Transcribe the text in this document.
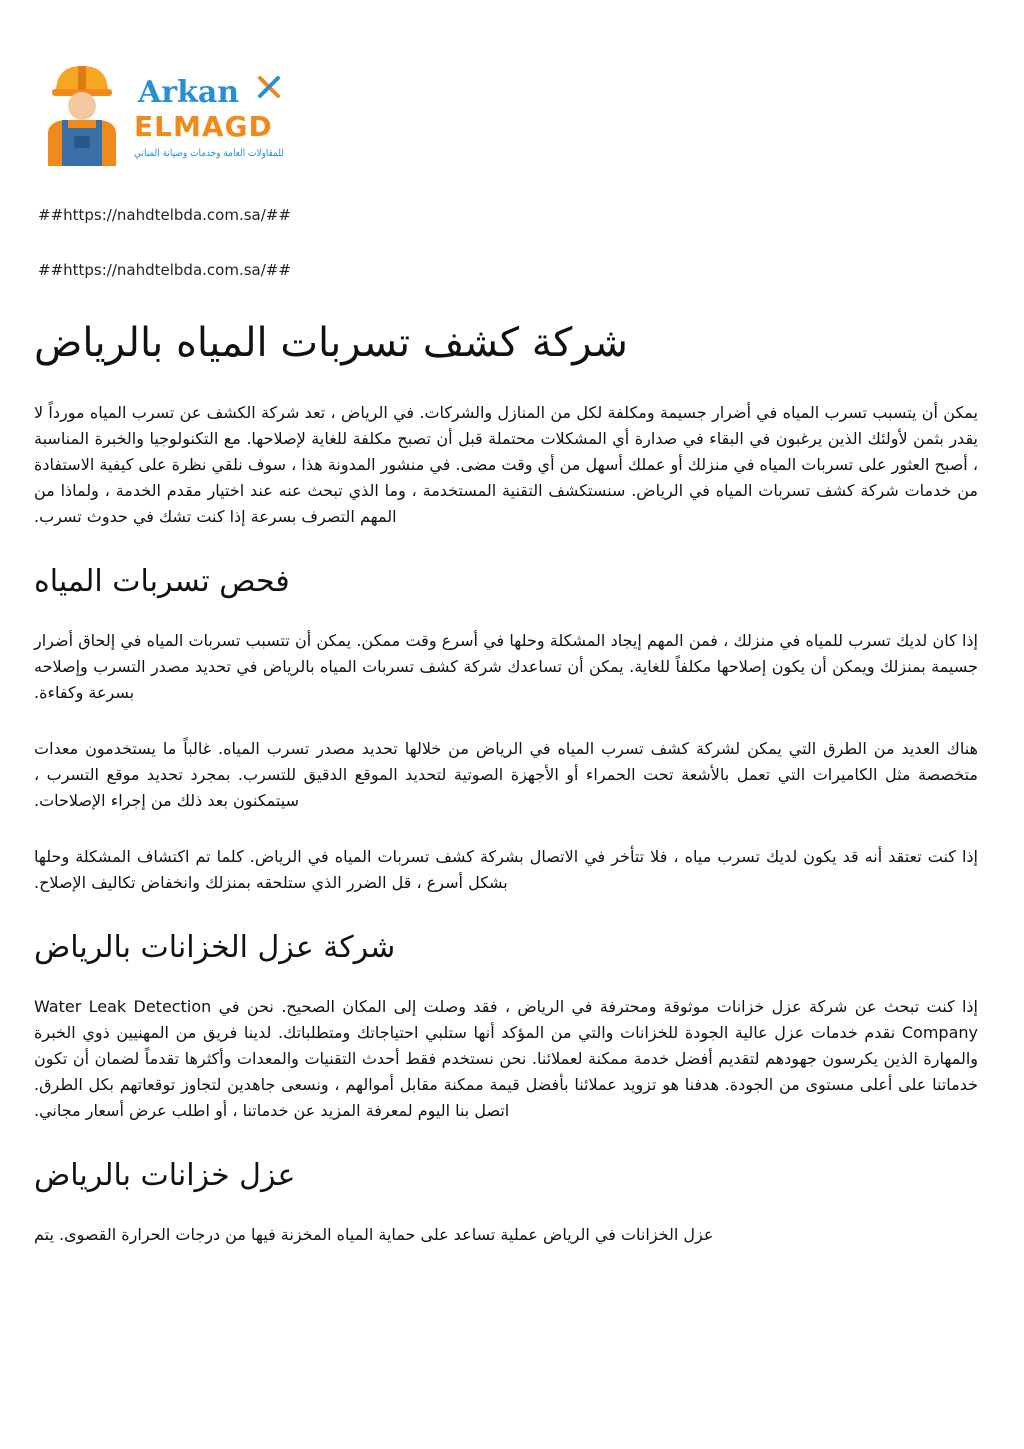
Arkan
ELMAGD
للمقاولات العامة وخدمات وصيانة المباني
##https://nahdtelbda.com.sa/##
##https://nahdtelbda.com.sa/##
شركة كشف تسربات المياه بالرياض

يمكن أن يتسبب تسرب المياه في أضرار جسيمة ومكلفة لكل من المنازل والشركات. في الرياض ، تعد شركة الكشف عن تسرب المياه مورداً لا يقدر بثمن لأولئك الذين يرغبون في البقاء في صدارة أي المشكلات محتملة قبل أن تصبح مكلفة للغاية لإصلاحها. مع التكنولوجيا والخبرة المناسبة ، أصبح العثور على تسربات المياه في منزلك أو عملك أسهل من أي وقت مضى. في منشور المدونة هذا ، سوف نلقي نظرة على كيفية الاستفادة من خدمات شركة كشف تسربات المياه في الرياض. سنستكشف التقنية المستخدمة ، وما الذي تبحث عنه عند اختيار مقدم الخدمة ، ولماذا من المهم التصرف بسرعة إذا كنت تشك في حدوث تسرب.

فحص تسربات المياه

إذا كان لديك تسرب للمياه في منزلك ، فمن المهم إيجاد المشكلة وحلها في أسرع وقت ممكن. يمكن أن تتسبب تسربات المياه في إلحاق أضرار جسيمة بمنزلك ويمكن أن يكون إصلاحها مكلفاً للغاية. يمكن أن تساعدك شركة كشف تسربات المياه بالرياض في تحديد مصدر التسرب وإصلاحه بسرعة وكفاءة.

هناك العديد من الطرق التي يمكن لشركة كشف تسرب المياه في الرياض من خلالها تحديد مصدر تسرب المياه. غالباً ما يستخدمون معدات متخصصة مثل الكاميرات التي تعمل بالأشعة تحت الحمراء أو الأجهزة الصوتية لتحديد الموقع الدقيق للتسرب. بمجرد تحديد موقع التسرب ، سيتمكنون بعد ذلك من إجراء الإصلاحات.

إذا كنت تعتقد أنه قد يكون لديك تسرب مياه ، فلا تتأخر في الاتصال بشركة كشف تسربات المياه في الرياض. كلما تم اكتشاف المشكلة وحلها بشكل أسرع ، قل الضرر الذي ستلحقه بمنزلك وانخفاض تكاليف الإصلاح.

شركة عزل الخزانات بالرياض

إذا كنت تبحث عن شركة عزل خزانات موثوقة ومحترفة في الرياض ، فقد وصلت إلى المكان الصحيح. نحن في Water Leak Detection Company نقدم خدمات عزل عالية الجودة للخزانات والتي من المؤكد أنها ستلبي احتياجاتك ومتطلباتك. لدينا فريق من المهنيين ذوي الخبرة والمهارة الذين يكرسون جهودهم لتقديم أفضل خدمة ممكنة لعملائنا. نحن نستخدم فقط أحدث التقنيات والمعدات وأكثرها تقدماً لضمان أن تكون خدماتنا على أعلى مستوى من الجودة. هدفنا هو تزويد عملائنا بأفضل قيمة ممكنة مقابل أموالهم ، ونسعى جاهدين لتجاوز توقعاتهم بكل الطرق. اتصل بنا اليوم لمعرفة المزيد عن خدماتنا ، أو اطلب عرض أسعار مجاني.

عزل خزانات بالرياض

عزل الخزانات في الرياض عملية تساعد على حماية المياه المخزنة فيها من درجات الحرارة القصوى. يتم
